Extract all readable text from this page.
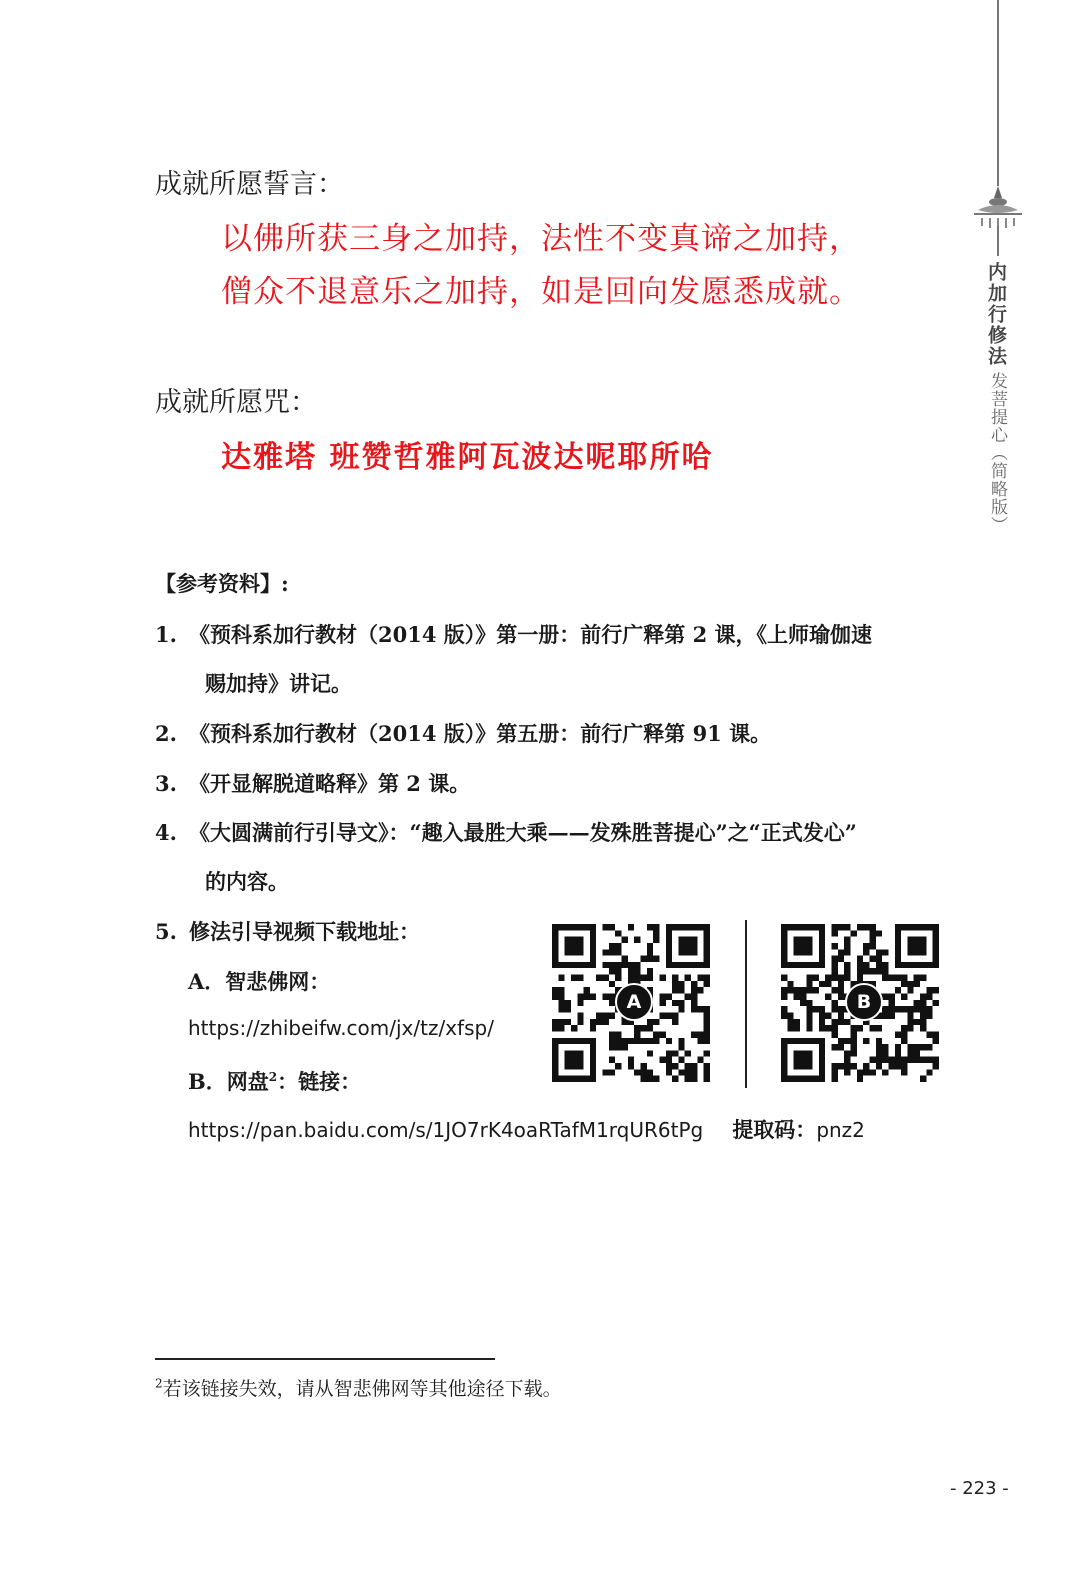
内加行修法
发菩提心（简略版）
成就所愿誓言：
以佛所获三身之加持，法性不变真谛之加持，
僧众不退意乐之加持，如是回向发愿悉成就。
成就所愿咒：
达雅塔 班赞哲雅阿瓦波达呢耶所哈
【参考资料】:
1. 《预科系加行教材（2014 版）》第一册：前行广释第 2 课，《上师瑜伽速
赐加持》讲记。
2. 《预科系加行教材（2014 版）》第五册：前行广释第 91 课。
3. 《开显解脱道略释》第 2 课。
4. 《大圆满前行引导文》：“趣入最胜大乘——发殊胜菩提心”之“正式发心”
的内容。
5. 修法引导视频下载地址：
A．智悲佛网：
https://zhibeifw.com/jx/tz/xfsp/
B．网盘$^2$：链接：
https://pan.baidu.com/s/1JO7rK4oaRTafM1rqUR6tPg 提取码：pnz2
A	B
$^2$若该链接失效，请从智悲佛网等其他途径下载。
- 223 -
